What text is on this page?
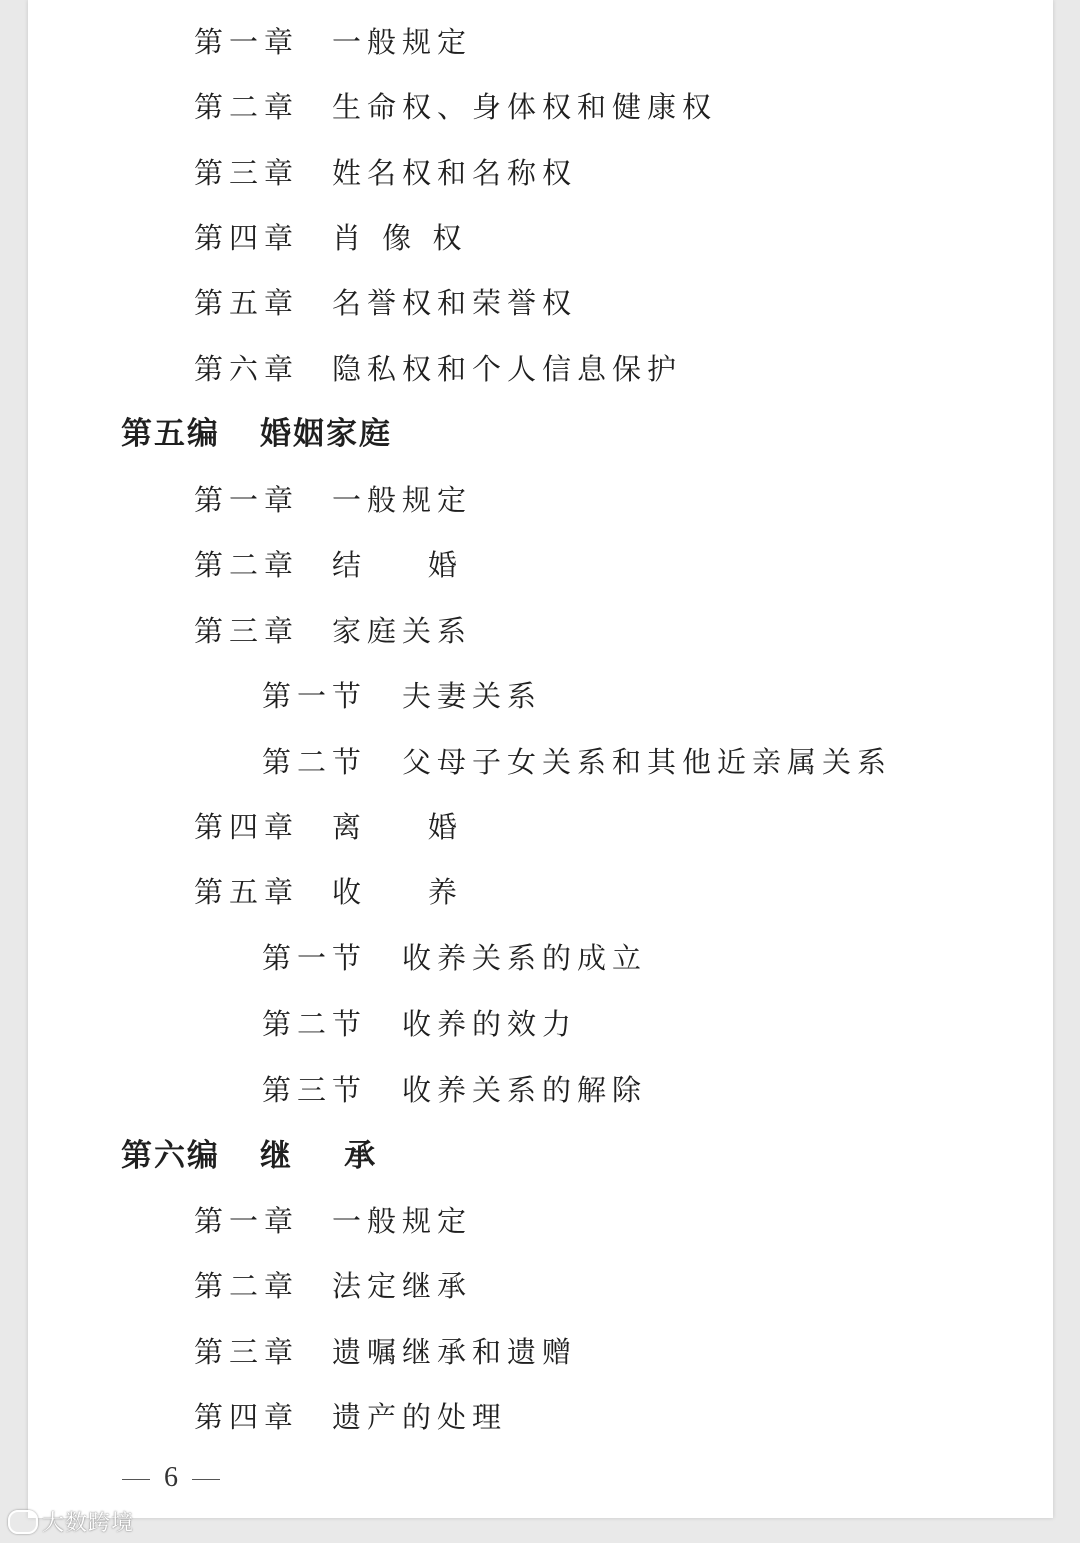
第一章 一般规定
第二章 生命权、身体权和健康权
第三章 姓名权和名称权
第四章 肖 像 权
第五章 名誉权和荣誉权
第六章 隐私权和个人信息保护
第五编 婚姻家庭
第一章 一般规定
第二章 结    婚
第三章 家庭关系
第一节 夫妻关系
第二节 父母子女关系和其他近亲属关系
第四章 离    婚
第五章 收    养
第一节 收养关系的成立
第二节 收养的效力
第三节 收养关系的解除
第六编 继    承
第一章 一般规定
第二章 法定继承
第三章 遗嘱继承和遗赠
第四章 遗产的处理
6
大数跨境
